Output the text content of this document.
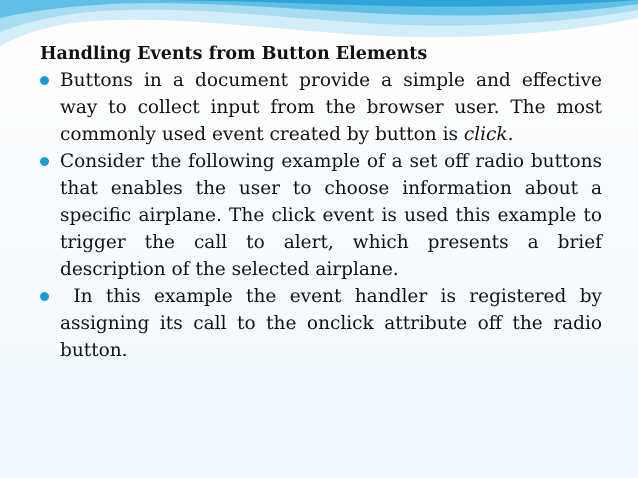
Handling Events from Button Elements

Buttons in a document provide a simple and effective way to collect input from the browser user. The most commonly used event created by button is click.

Consider the following example of a set off radio buttons that enables the user to choose information about a specific airplane. The click event is used this example to trigger the call to alert, which presents a brief description of the selected airplane.

In this example the event handler is registered by assigning its call to the onclick attribute off the radio button.
